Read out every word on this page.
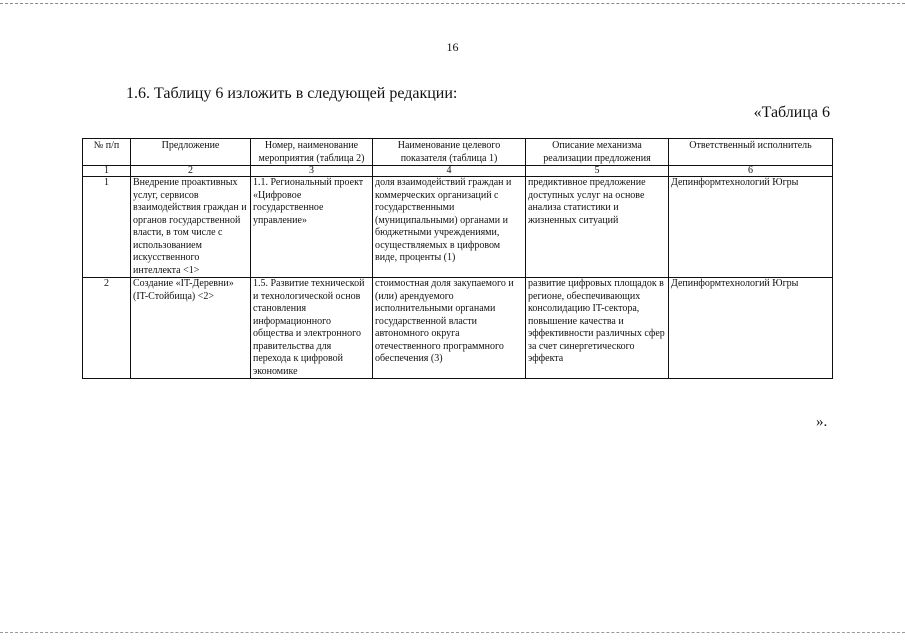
16
1.6. Таблицу 6 изложить в следующей редакции:
«Таблица 6
№ п/п	Предложение	Номер, наименование мероприятия (таблица 2)	Наименование целевого показателя (таблица 1)	Описание механизма реализации предложения	Ответственный исполнитель
1	2	3	4	5	6
1	Внедрение проактивных услуг, сервисов взаимодействия граждан и органов государственной власти, в том числе с использованием искусственного интеллекта <1>	1.1. Региональный проект «Цифровое государственное управление»	доля взаимодействий граждан и коммерческих организаций с государственными (муниципальными) органами и бюджетными учреждениями, осуществляемых в цифровом виде, проценты (1)	предиктивное предложение доступных услуг на основе анализа статистики и жизненных ситуаций	Депинформтехнологий Югры
2	Создание «IT-Деревни» (IT-Стойбища) <2>	1.5. Развитие технической и технологической основ становления информационного общества и электронного правительства для перехода к цифровой экономике	стоимостная доля закупаемого и (или) арендуемого исполнительными органами государственной власти автономного округа отечественного программного обеспечения (3)	развитие цифровых площадок в регионе, обеспечивающих консолидацию IT-сектора, повышение качества и эффективности различных сфер за счет синергетического эффекта	Депинформтехнологий Югры
».
